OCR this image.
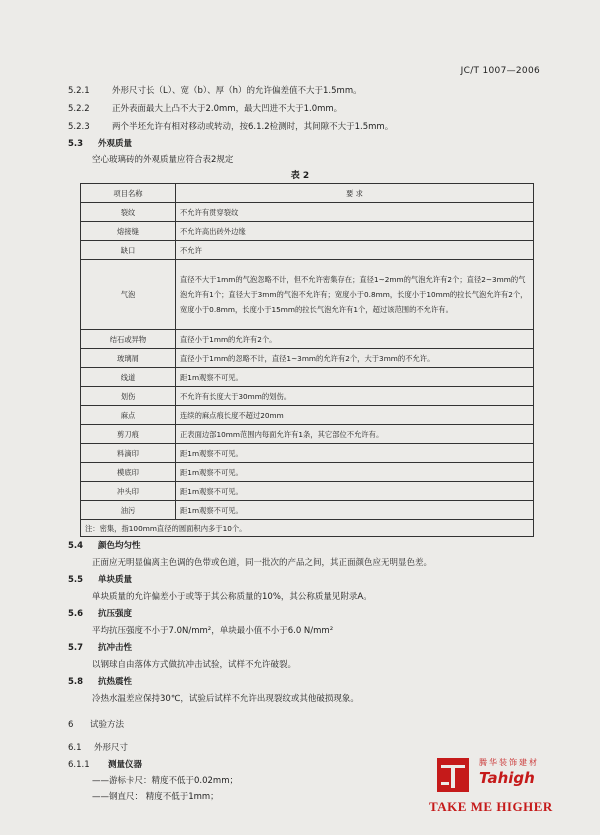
JC/T 1007—2006
5.2.1	外形尺寸长（L）、宽（b）、厚（h）的允许偏差值不大于1.5mm。
5.2.2	正外表面最大上凸不大于2.0mm，最大凹进不大于1.0mm。
5.2.3	两个半坯允许有相对移动或转动，按6.1.2检测时，其间隙不大于1.5mm。
5.3 外观质量
空心玻璃砖的外观质量应符合表2规定
表 2
项目名称	要 求
裂纹	不允许有贯穿裂纹
熔接缝	不允许高出砖外边缘
缺口	不允许
气泡	直径不大于1mm的气泡忽略不计，但不允许密集存在；直径1~2mm的气泡允许有2个；直径2~3mm的气泡允许有1个；直径大于3mm的气泡不允许有；宽度小于0.8mm，长度小于10mm的拉长气泡允许有2个，宽度小于0.8mm，长度小于15mm的拉长气泡允许有1个，超过该范围的不允许有。
结石或异物	直径小于1mm的允许有2个。
玻璃屑	直径小于1mm的忽略不计，直径1~3mm的允许有2个，大于3mm的不允许。
线道	距1m观察不可见。
划伤	不允许有长度大于30mm的划伤。
麻点	连续的麻点痕长度不超过20mm
剪刀痕	正表面边部10mm范围内每面允许有1条，其它部位不允许有。
料滴印	距1m观察不可见。
模底印	距1m观察不可见。
冲头印	距1m观察不可见。
油污	距1m观察不可见。
注：密集，指100mm直径的圆面积内多于10个。	
5.4 颜色均匀性
正面应无明显偏离主色调的色带或色道，同一批次的产品之间，其正面颜色应无明显色差。
5.5 单块质量
单块质量的允许偏差小于或等于其公称质量的10%，其公称质量见附录A。
5.6 抗压强度
平均抗压强度不小于7.0N/mm²，单块最小值不小于6.0 N/mm²
5.7 抗冲击性
以钢球自由落体方式做抗冲击试验，试样不允许破裂。
5.8 抗热震性
冷热水温差应保持30℃，试验后试样不允许出现裂纹或其他破损现象。
6 试验方法
6.1 外形尺寸
6.1.1 测量仪器
——游标卡尺：精度不低于0.02mm；
——钢直尺： 精度不低于1mm；
腾华装饰建材
Tahigh
TAKE ME HIGHER
